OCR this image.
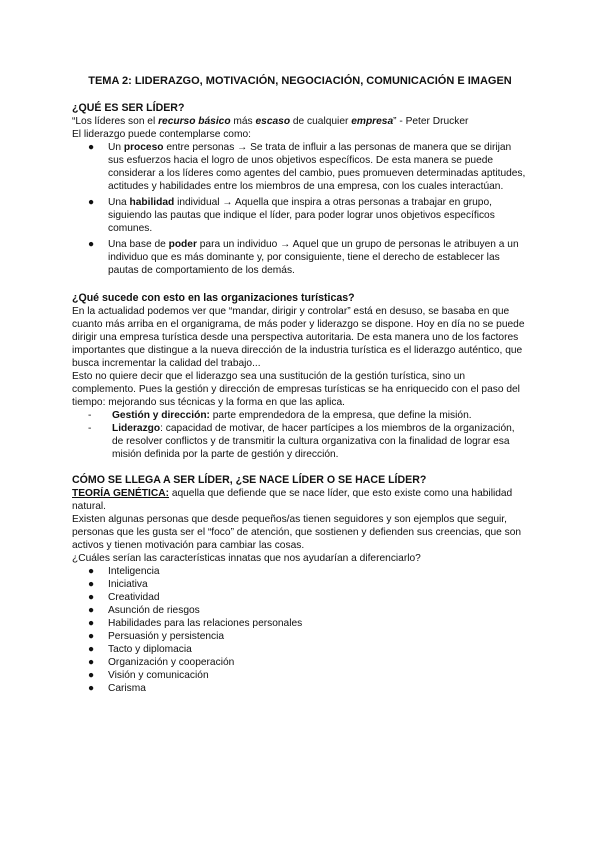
TEMA 2: LIDERAZGO, MOTIVACIÓN, NEGOCIACIÓN, COMUNICACIÓN E IMAGEN

¿QUÉ ES SER LÍDER?

“Los líderes son el recurso básico más escaso de cualquier empresa” - Peter Drucker

El liderazgo puede contemplarse como:

● Un proceso entre personas → Se trata de influir a las personas de manera que se dirijan sus esfuerzos hacia el logro de unos objetivos específicos. De esta manera se puede considerar a los líderes como agentes del cambio, pues promueven determinadas aptitudes, actitudes y habilidades entre los miembros de una empresa, con los cuales interactúan.
● Una habilidad individual → Aquella que inspira a otras personas a trabajar en grupo, siguiendo las pautas que indique el líder, para poder lograr unos objetivos específicos comunes.
● Una base de poder para un individuo → Aquel que un grupo de personas le atribuyen a un individuo que es más dominante y, por consiguiente, tiene el derecho de establecer las pautas de comportamiento de los demás.

¿Qué sucede con esto en las organizaciones turísticas?

En la actualidad podemos ver que “mandar, dirigir y controlar” está en desuso, se basaba en que cuanto más arriba en el organigrama, de más poder y liderazgo se dispone. Hoy en día no se puede dirigir una empresa turística desde una perspectiva autoritaria. De esta manera uno de los factores importantes que distingue a la nueva dirección de la industria turística es el liderazgo auténtico, que busca incrementar la calidad del trabajo...

Esto no quiere decir que el liderazgo sea una sustitución de la gestión turística, sino un complemento. Pues la gestión y dirección de empresas turísticas se ha enriquecido con el paso del tiempo: mejorando sus técnicas y la forma en que las aplica.

- Gestión y dirección: parte emprendedora de la empresa, que define la misión.
- Liderazgo: capacidad de motivar, de hacer partícipes a los miembros de la organización, de resolver conflictos y de transmitir la cultura organizativa con la finalidad de lograr esa misión definida por la parte de gestión y dirección.

CÓMO SE LLEGA A SER LÍDER, ¿SE NACE LÍDER O SE HACE LÍDER?

TEORÍA GENÉTICA: aquella que defiende que se nace líder, que esto existe como una habilidad natural.

Existen algunas personas que desde pequeños/as tienen seguidores y son ejemplos que seguir, personas que les gusta ser el “foco” de atención, que sostienen y defienden sus creencias, que son activos y tienen motivación para cambiar las cosas.

¿Cuáles serían las características innatas que nos ayudarían a diferenciarlo?

● Inteligencia
● Iniciativa
● Creatividad
● Asunción de riesgos
● Habilidades para las relaciones personales
● Persuasión y persistencia
● Tacto y diplomacia
● Organización y cooperación
● Visión y comunicación
● Carisma
